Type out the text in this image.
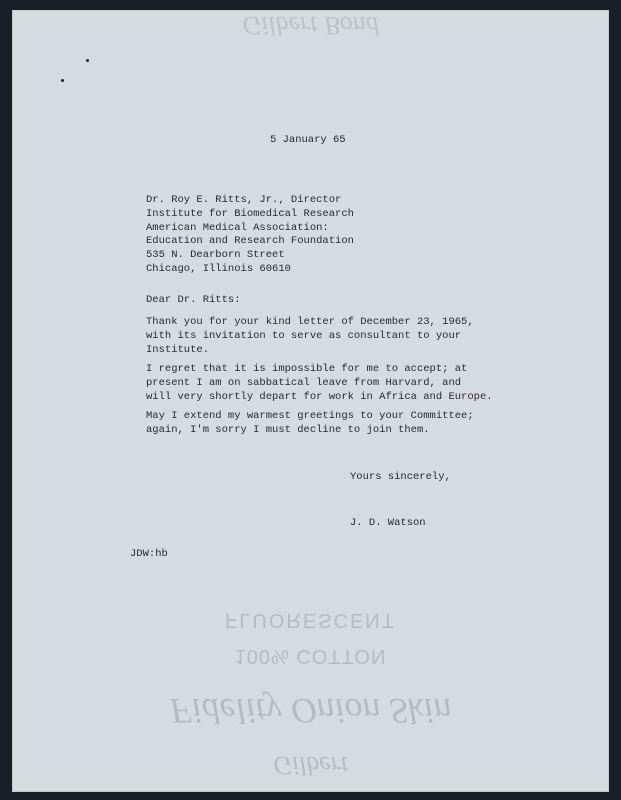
Gilbert Bond
FLUORESCENT
100% COTTON
Fidelity Onion Skin
Gilbert

5 January 65

Dr. Roy E. Ritts, Jr., Director

Institute for Biomedical Research

American Medical Association:

Education and Research Foundation

535 N. Dearborn Street

Chicago, Illinois 60610

Dear Dr. Ritts:

Thank you for your kind letter of December 23, 1965,

with its invitation to serve as consultant to your

Institute.

I regret that it is impossible for me to accept; at

present I am on sabbatical leave from Harvard, and

will very shortly depart for work in Africa and Europe.

May I extend my warmest greetings to your Committee;

again, I'm sorry I must decline to join them.

Yours sincerely,

J. D. Watson

JDW:hb
